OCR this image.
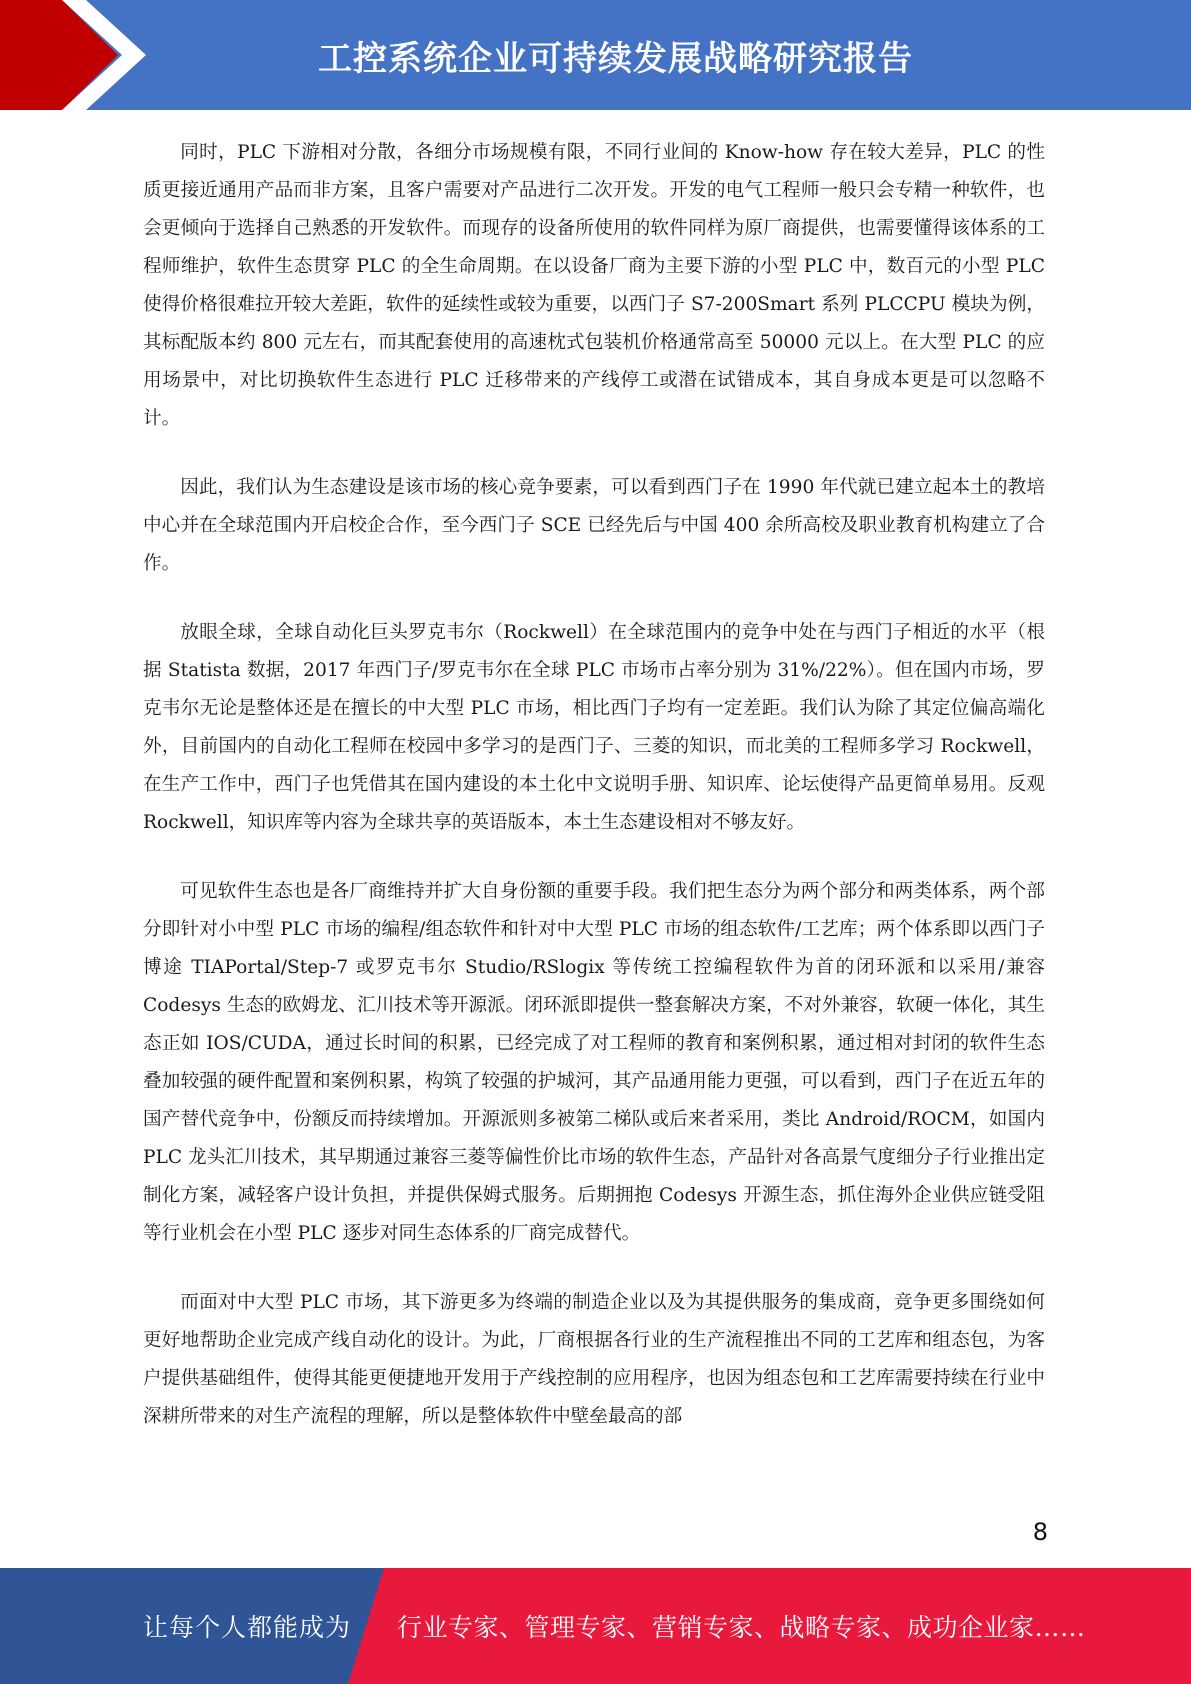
工控系统企业可持续发展战略研究报告

同时，PLC 下游相对分散，各细分市场规模有限，不同行业间的 Know-how 存在较大差异，PLC 的性质更接近通用产品而非方案，且客户需要对产品进行二次开发。开发的电气工程师一般只会专精一种软件，也会更倾向于选择自己熟悉的开发软件。而现存的设备所使用的软件同样为原厂商提供，也需要懂得该体系的工程师维护，软件生态贯穿 PLC 的全生命周期。在以设备厂商为主要下游的小型 PLC 中，数百元的小型 PLC 使得价格很难拉开较大差距，软件的延续性或较为重要，以西门子 S7-200Smart 系列 PLCCPU 模块为例，其标配版本约 800 元左右，而其配套使用的高速枕式包装机价格通常高至 50000 元以上。在大型 PLC 的应用场景中，对比切换软件生态进行 PLC 迁移带来的产线停工或潜在试错成本，其自身成本更是可以忽略不计。

因此，我们认为生态建设是该市场的核心竞争要素，可以看到西门子在 1990 年代就已建立起本土的教培中心并在全球范围内开启校企合作，至今西门子 SCE 已经先后与中国 400 余所高校及职业教育机构建立了合作。

放眼全球，全球自动化巨头罗克韦尔（Rockwell）在全球范围内的竞争中处在与西门子相近的水平（根据 Statista 数据，2017 年西门子/罗克韦尔在全球 PLC 市场市占率分别为 31%/22%）。但在国内市场，罗克韦尔无论是整体还是在擅长的中大型 PLC 市场，相比西门子均有一定差距。我们认为除了其定位偏高端化外，目前国内的自动化工程师在校园中多学习的是西门子、三菱的知识，而北美的工程师多学习 Rockwell，在生产工作中，西门子也凭借其在国内建设的本土化中文说明手册、知识库、论坛使得产品更简单易用。反观 Rockwell，知识库等内容为全球共享的英语版本，本土生态建设相对不够友好。

可见软件生态也是各厂商维持并扩大自身份额的重要手段。我们把生态分为两个部分和两类体系，两个部分即针对小中型 PLC 市场的编程/组态软件和针对中大型 PLC 市场的组态软件/工艺库；两个体系即以西门子博途 TIAPortal/Step-7 或罗克韦尔 Studio/RSlogix 等传统工控编程软件为首的闭环派和以采用/兼容 Codesys 生态的欧姆龙、汇川技术等开源派。闭环派即提供一整套解决方案，不对外兼容，软硬一体化，其生态正如 IOS/CUDA，通过长时间的积累，已经完成了对工程师的教育和案例积累，通过相对封闭的软件生态叠加较强的硬件配置和案例积累，构筑了较强的护城河，其产品通用能力更强，可以看到，西门子在近五年的国产替代竞争中，份额反而持续增加。开源派则多被第二梯队或后来者采用，类比 Android/ROCM，如国内 PLC 龙头汇川技术，其早期通过兼容三菱等偏性价比市场的软件生态，产品针对各高景气度细分子行业推出定制化方案，减轻客户设计负担，并提供保姆式服务。后期拥抱 Codesys 开源生态，抓住海外企业供应链受阻等行业机会在小型 PLC 逐步对同生态体系的厂商完成替代。

而面对中大型 PLC 市场，其下游更多为终端的制造企业以及为其提供服务的集成商，竞争更多围绕如何更好地帮助企业完成产线自动化的设计。为此，厂商根据各行业的生产流程推出不同的工艺库和组态包，为客户提供基础组件，使得其能更便捷地开发用于产线控制的应用程序，也因为组态包和工艺库需要持续在行业中深耕所带来的对生产流程的理解，所以是整体软件中壁垒最高的部

8
让每个人都能成为 行业专家、管理专家、营销专家、战略专家、成功企业家……
